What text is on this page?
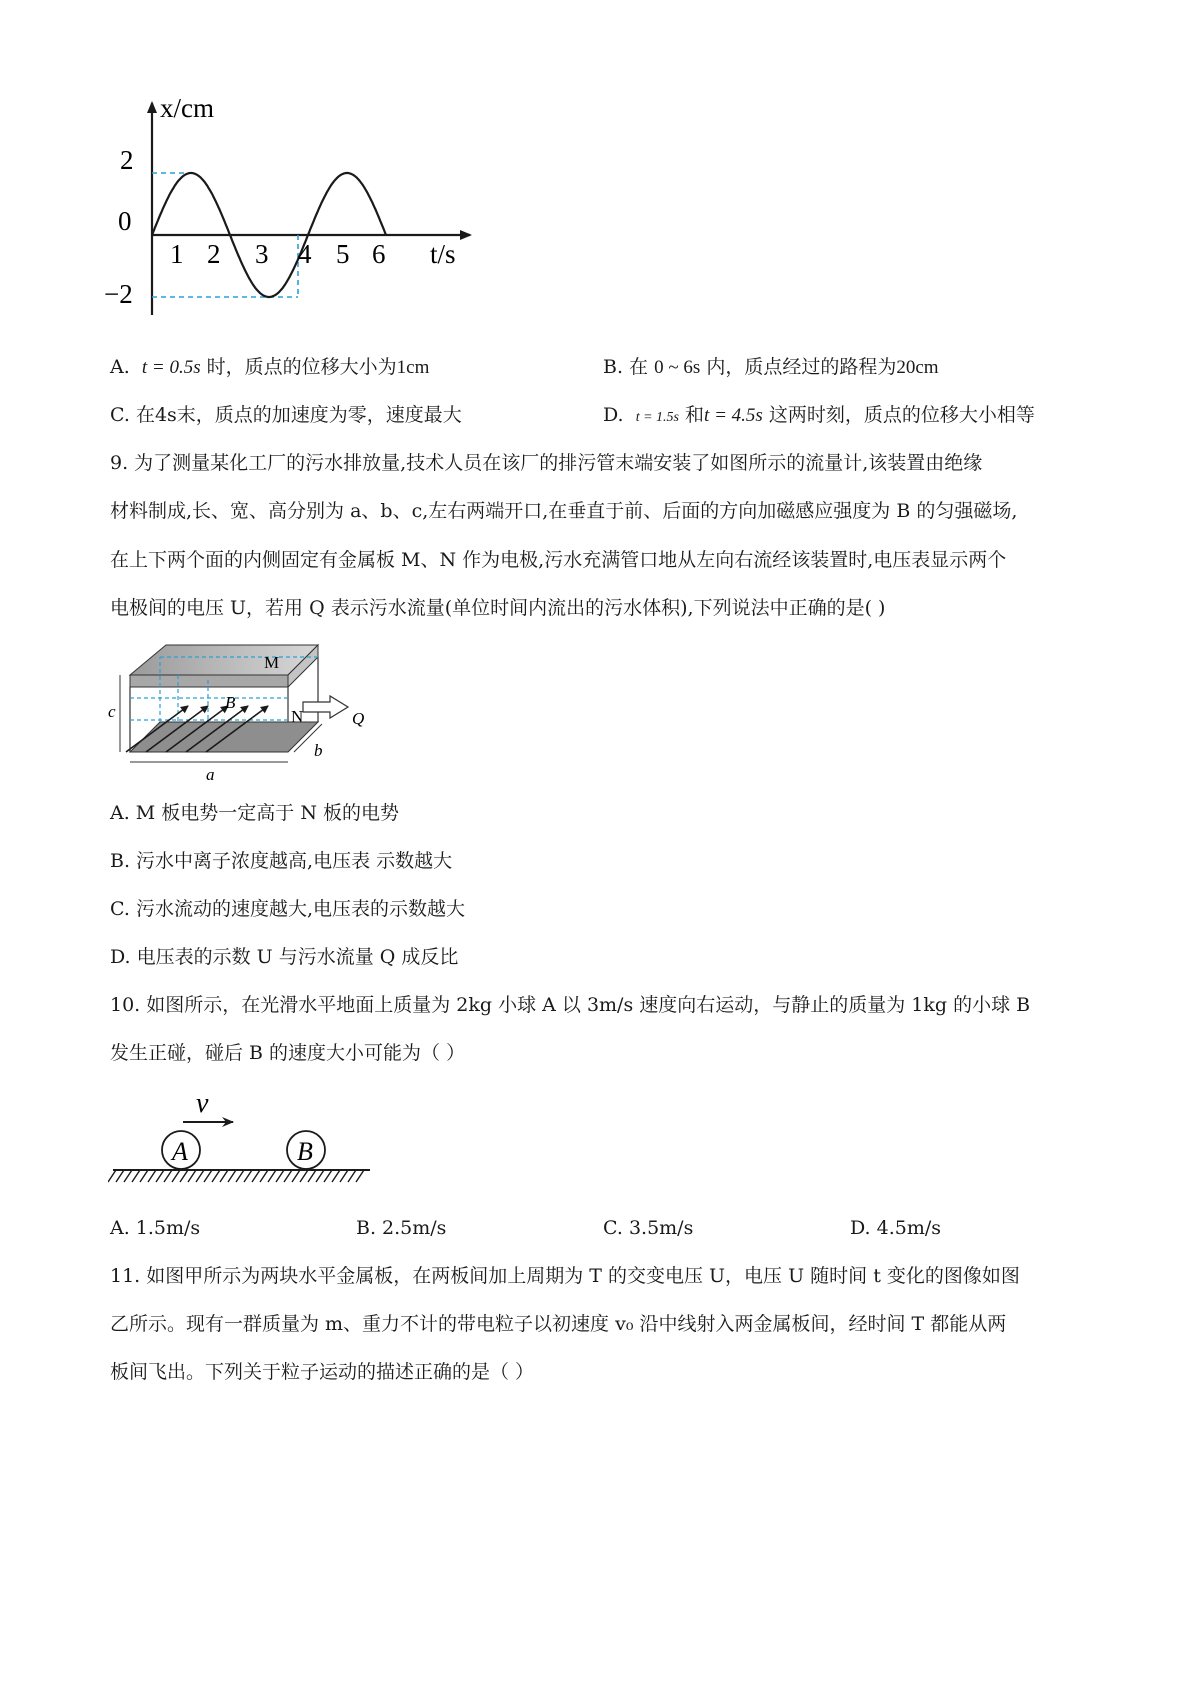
x/cm
t/s
0
2
−2
1 2 3 4 5 6
A. t = 0.5s 时，质点的位移大小为1cm	B. 在 0 ~ 6s 内，质点经过的路程为20cm
C. 在4s末，质点的加速度为零，速度最大	D. t = 1.5s 和t = 4.5s 这两时刻，质点的位移大小相等
9. 为了测量某化工厂的污水排放量,技术人员在该厂的排污管末端安装了如图所示的流量计,该装置由绝缘
材料制成,长、宽、高分别为 a、b、c,左右两端开口,在垂直于前、后面的方向加磁感应强度为 B 的匀强磁场,
在上下两个面的内侧固定有金属板 M、N 作为电极,污水充满管口地从左向右流经该装置时,电压表显示两个
电极间的电压 U，若用 Q 表示污水流量(单位时间内流出的污水体积),下列说法中正确的是( )
M
N
B
Q
a
b
c
A. M 板电势一定高于 N 板的电势
B. 污水中离子浓度越高,电压表 示数越大
C. 污水流动的速度越大,电压表的示数越大
D. 电压表的示数 U 与污水流量 Q 成反比
10. 如图所示，在光滑水平地面上质量为 2kg 小球 A 以 3m/s 速度向右运动，与静止的质量为 1kg 的小球 B
发生正碰，碰后 B 的速度大小可能为（ ）
v
A	B
A. 1.5m/s	B. 2.5m/s	C. 3.5m/s	D. 4.5m/s
11. 如图甲所示为两块水平金属板，在两板间加上周期为 T 的交变电压 U，电压 U 随时间 t 变化的图像如图
乙所示。现有一群质量为 m、重力不计的带电粒子以初速度 v₀ 沿中线射入两金属板间，经时间 T 都能从两
板间飞出。下列关于粒子运动的描述正确的是（ ）
